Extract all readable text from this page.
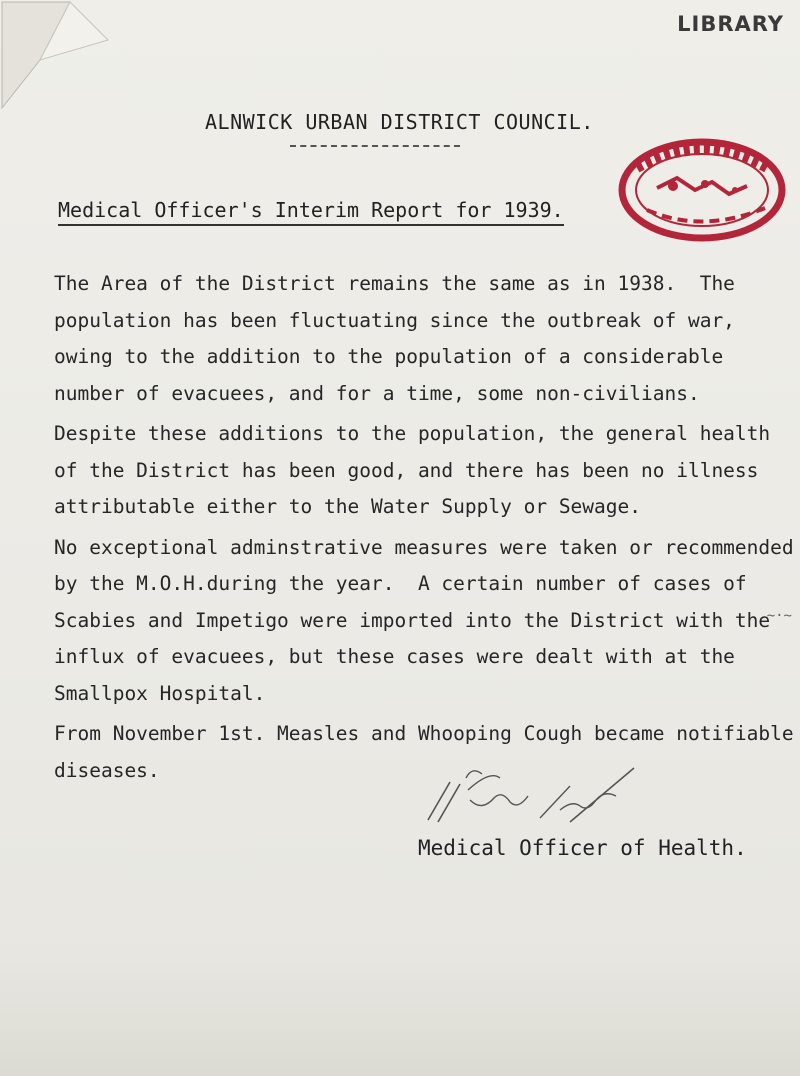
LIBRARY
ALNWICK URBAN DISTRICT COUNCIL.
Medical Officer's Interim Report for 1939.

The Area of the District remains the same as in 1938.  The

population has been fluctuating since the outbreak of war,

owing to the addition to the population of a considerable

number of evacuees, and for a time, some non-civilians.

Despite these additions to the population, the general health

of the District has been good, and there has been no illness

attributable either to the Water Supply or Sewage.

No exceptional adminstrative measures were taken or recommended

by the M.O.H.during the year.  A certain number of cases of

Scabies and Impetigo were imported into the District with the

influx of evacuees, but these cases were dealt with at the

Smallpox Hospital.

From November 1st. Measles and Whooping Cough became notifiable

diseases.

Medical Officer of Health.
~·~
